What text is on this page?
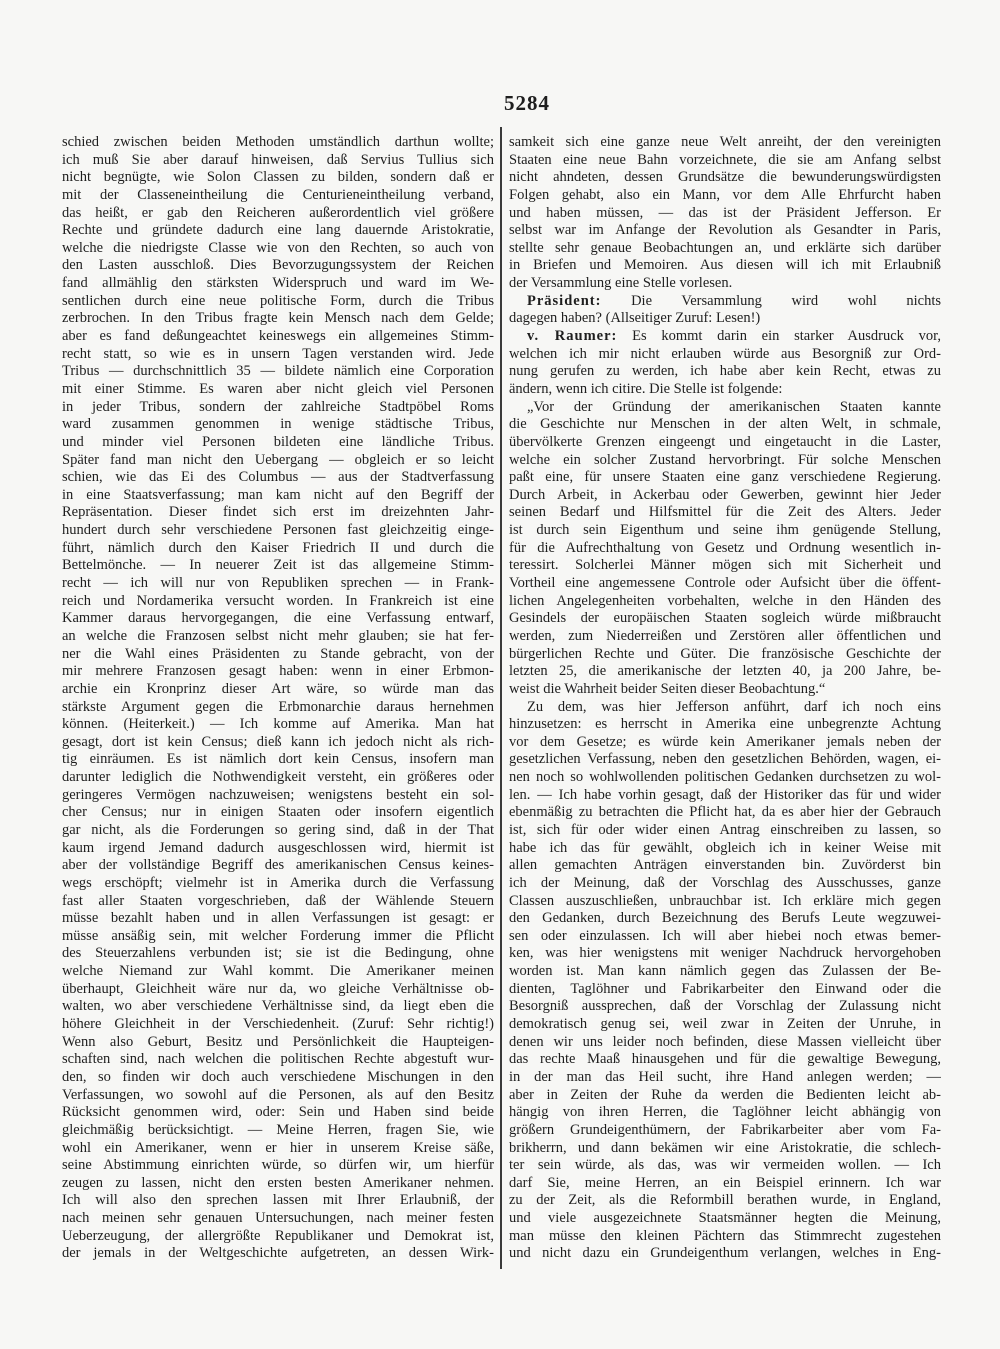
5284
schied zwischen beiden Methoden umständlich darthun wollte;
ich muß Sie aber darauf hinweisen, daß Servius Tullius sich
nicht begnügte, wie Solon Classen zu bilden, sondern daß er
mit der Classeneintheilung die Centurieneintheilung verband,
das heißt, er gab den Reicheren außerordentlich viel größere
Rechte und gründete dadurch eine lang dauernde Aristokratie,
welche die niedrigste Classe wie von den Rechten, so auch von
den Lasten ausschloß. Dies Bevorzugungssystem der Reichen
fand allmählig den stärksten Widerspruch und ward im We-
sentlichen durch eine neue politische Form, durch die Tribus
zerbrochen. In den Tribus fragte kein Mensch nach dem Gelde;
aber es fand deßungeachtet keineswegs ein allgemeines Stimm-
recht statt, so wie es in unsern Tagen verstanden wird. Jede
Tribus — durchschnittlich 35 — bildete nämlich eine Corporation
mit einer Stimme. Es waren aber nicht gleich viel Personen
in jeder Tribus, sondern der zahlreiche Stadtpöbel Roms
ward zusammen genommen in wenige städtische Tribus,
und minder viel Personen bildeten eine ländliche Tribus.
Später fand man nicht den Uebergang — obgleich er so leicht
schien, wie das Ei des Columbus — aus der Stadtverfassung
in eine Staatsverfassung; man kam nicht auf den Begriff der
Repräsentation. Dieser findet sich erst im dreizehnten Jahr-
hundert durch sehr verschiedene Personen fast gleichzeitig einge-
führt, nämlich durch den Kaiser Friedrich II und durch die
Bettelmönche. — In neuerer Zeit ist das allgemeine Stimm-
recht — ich will nur von Republiken sprechen — in Frank-
reich und Nordamerika versucht worden. In Frankreich ist eine
Kammer daraus hervorgegangen, die eine Verfassung entwarf,
an welche die Franzosen selbst nicht mehr glauben; sie hat fer-
ner die Wahl eines Präsidenten zu Stande gebracht, von der
mir mehrere Franzosen gesagt haben: wenn in einer Erbmon-
archie ein Kronprinz dieser Art wäre, so würde man das
stärkste Argument gegen die Erbmonarchie daraus hernehmen
können. (Heiterkeit.) — Ich komme auf Amerika. Man hat
gesagt, dort ist kein Census; dieß kann ich jedoch nicht als rich-
tig einräumen. Es ist nämlich dort kein Census, insofern man
darunter lediglich die Nothwendigkeit versteht, ein größeres oder
geringeres Vermögen nachzuweisen; wenigstens besteht ein sol-
cher Census; nur in einigen Staaten oder insofern eigentlich
gar nicht, als die Forderungen so gering sind, daß in der That
kaum irgend Jemand dadurch ausgeschlossen wird, hiermit ist
aber der vollständige Begriff des amerikanischen Census keines-
wegs erschöpft; vielmehr ist in Amerika durch die Verfassung
fast aller Staaten vorgeschrieben, daß der Wählende Steuern
müsse bezahlt haben und in allen Verfassungen ist gesagt: er
müsse ansäßig sein, mit welcher Forderung immer die Pflicht
des Steuerzahlens verbunden ist; sie ist die Bedingung, ohne
welche Niemand zur Wahl kommt. Die Amerikaner meinen
überhaupt, Gleichheit wäre nur da, wo gleiche Verhältnisse ob-
walten, wo aber verschiedene Verhältnisse sind, da liegt eben die
höhere Gleichheit in der Verschiedenheit. (Zuruf: Sehr richtig!)
Wenn also Geburt, Besitz und Persönlichkeit die Haupteigen-
schaften sind, nach welchen die politischen Rechte abgestuft wur-
den, so finden wir doch auch verschiedene Mischungen in den
Verfassungen, wo sowohl auf die Personen, als auf den Besitz
Rücksicht genommen wird, oder: Sein und Haben sind beide
gleichmäßig berücksichtigt. — Meine Herren, fragen Sie, wie
wohl ein Amerikaner, wenn er hier in unserem Kreise säße,
seine Abstimmung einrichten würde, so dürfen wir, um hierfür
zeugen zu lassen, nicht den ersten besten Amerikaner nehmen.
Ich will also den sprechen lassen mit Ihrer Erlaubniß, der
nach meinen sehr genauen Untersuchungen, nach meiner festen
Ueberzeugung, der allergrößte Republikaner und Demokrat ist,
der jemals in der Weltgeschichte aufgetreten, an dessen Wirk-
samkeit sich eine ganze neue Welt anreiht, der den vereinigten
Staaten eine neue Bahn vorzeichnete, die sie am Anfang selbst
nicht ahndeten, dessen Grundsätze die bewunderungswürdigsten
Folgen gehabt, also ein Mann, vor dem Alle Ehrfurcht haben
und haben müssen, — das ist der Präsident Jefferson. Er
selbst war im Anfange der Revolution als Gesandter in Paris,
stellte sehr genaue Beobachtungen an, und erklärte sich darüber
in Briefen und Memoiren. Aus diesen will ich mit Erlaubniß
der Versammlung eine Stelle vorlesen.
Präsident: Die Versammlung wird wohl nichts
dagegen haben? (Allseitiger Zuruf: Lesen!)
v. Raumer: Es kommt darin ein starker Ausdruck vor,
welchen ich mir nicht erlauben würde aus Besorgniß zur Ord-
nung gerufen zu werden, ich habe aber kein Recht, etwas zu
ändern, wenn ich citire. Die Stelle ist folgende:
„Vor der Gründung der amerikanischen Staaten kannte
die Geschichte nur Menschen in der alten Welt, in schmale,
übervölkerte Grenzen eingeengt und eingetaucht in die Laster,
welche ein solcher Zustand hervorbringt. Für solche Menschen
paßt eine, für unsere Staaten eine ganz verschiedene Regierung.
Durch Arbeit, in Ackerbau oder Gewerben, gewinnt hier Jeder
seinen Bedarf und Hilfsmittel für die Zeit des Alters. Jeder
ist durch sein Eigenthum und seine ihm genügende Stellung,
für die Aufrechthaltung von Gesetz und Ordnung wesentlich in-
teressirt. Solcherlei Männer mögen sich mit Sicherheit und
Vortheil eine angemessene Controle oder Aufsicht über die öffent-
lichen Angelegenheiten vorbehalten, welche in den Händen des
Gesindels der europäischen Staaten sogleich würde mißbraucht
werden, zum Niederreißen und Zerstören aller öffentlichen und
bürgerlichen Rechte und Güter. Die französische Geschichte der
letzten 25, die amerikanische der letzten 40, ja 200 Jahre, be-
weist die Wahrheit beider Seiten dieser Beobachtung.“
Zu dem, was hier Jefferson anführt, darf ich noch eins
hinzusetzen: es herrscht in Amerika eine unbegrenzte Achtung
vor dem Gesetze; es würde kein Amerikaner jemals neben der
gesetzlichen Verfassung, neben den gesetzlichen Behörden, wagen, ei-
nen noch so wohlwollenden politischen Gedanken durchsetzen zu wol-
len. — Ich habe vorhin gesagt, daß der Historiker das für und wider
ebenmäßig zu betrachten die Pflicht hat, da es aber hier der Gebrauch
ist, sich für oder wider einen Antrag einschreiben zu lassen, so
habe ich das für gewählt, obgleich ich in keiner Weise mit
allen gemachten Anträgen einverstanden bin. Zuvörderst bin
ich der Meinung, daß der Vorschlag des Ausschusses, ganze
Classen auszuschließen, unbrauchbar ist. Ich erkläre mich gegen
den Gedanken, durch Bezeichnung des Berufs Leute wegzuwei-
sen oder einzulassen. Ich will aber hiebei noch etwas bemer-
ken, was hier wenigstens mit weniger Nachdruck hervorgehoben
worden ist. Man kann nämlich gegen das Zulassen der Be-
dienten, Taglöhner und Fabrikarbeiter den Einwand oder die
Besorgniß aussprechen, daß der Vorschlag der Zulassung nicht
demokratisch genug sei, weil zwar in Zeiten der Unruhe, in
denen wir uns leider noch befinden, diese Massen vielleicht über
das rechte Maaß hinausgehen und für die gewaltige Bewegung,
in der man das Heil sucht, ihre Hand anlegen werden; —
aber in Zeiten der Ruhe da werden die Bedienten leicht ab-
hängig von ihren Herren, die Taglöhner leicht abhängig von
größern Grundeigenthümern, der Fabrikarbeiter aber vom Fa-
brikherrn, und dann bekämen wir eine Aristokratie, die schlech-
ter sein würde, als das, was wir vermeiden wollen. — Ich
darf Sie, meine Herren, an ein Beispiel erinnern. Ich war
zu der Zeit, als die Reformbill berathen wurde, in England,
und viele ausgezeichnete Staatsmänner hegten die Meinung,
man müsse den kleinen Pächtern das Stimmrecht zugestehen
und nicht dazu ein Grundeigenthum verlangen, welches in Eng-
